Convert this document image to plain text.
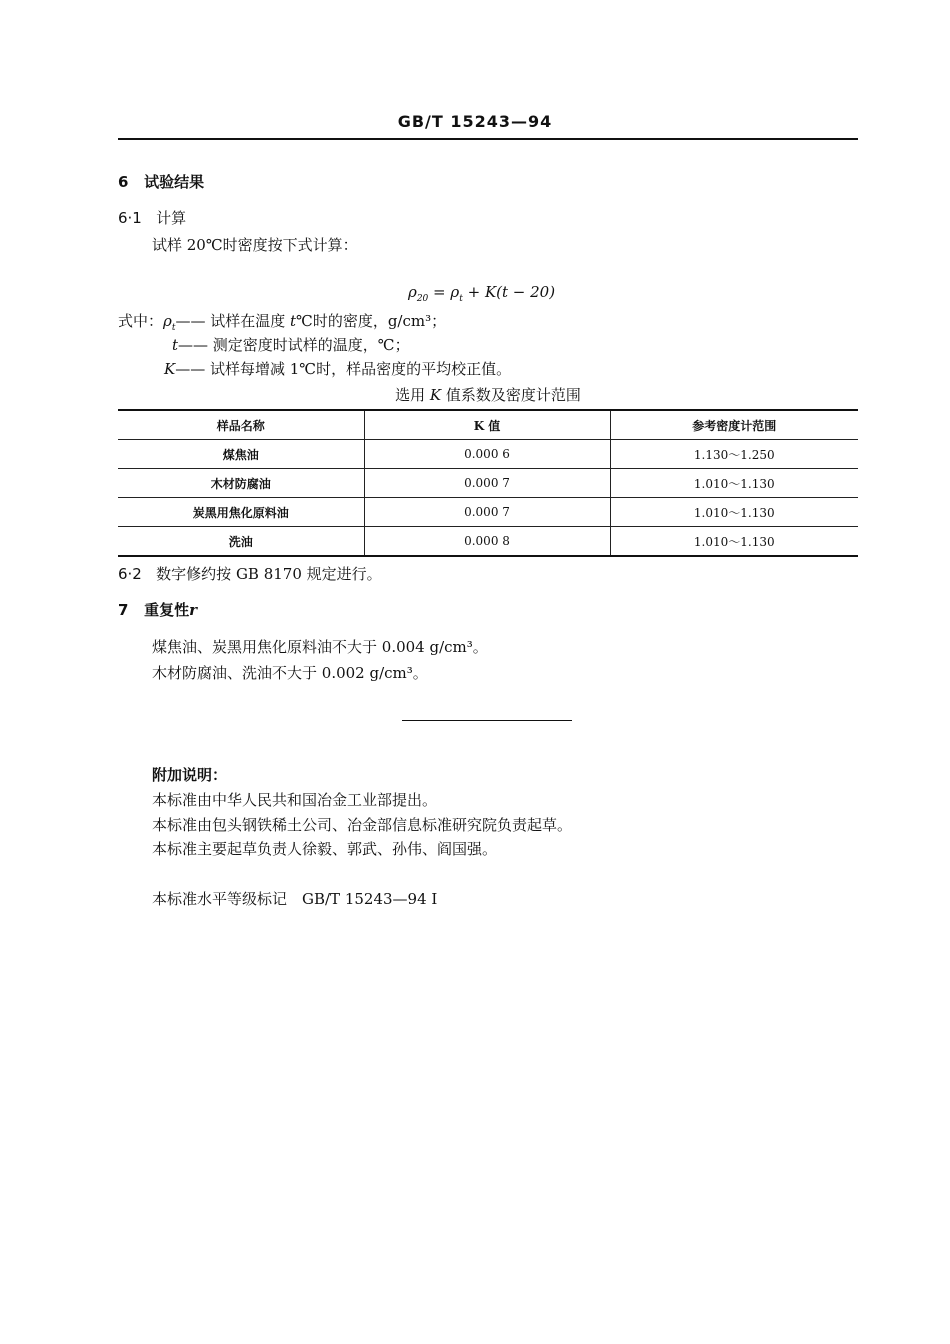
GB/T 15243—94
6 试验结果
6·1 计算
试样 20℃时密度按下式计算：
$\rho_{20} = \rho_t + K(t - 20)$
式中：$\rho_t——$ 试样在温度 t℃时的密度，g/cm³；
t—— 测定密度时试样的温度，℃；
K—— 试样每增减 1℃时，样品密度的平均校正值。
选用 K 值系数及密度计范围
样品名称	K 值	参考密度计范围
煤焦油	0.000 6	1.130～1.250
木材防腐油	0.000 7	1.010～1.130
炭黑用焦化原料油	0.000 7	1.010～1.130
洗油	0.000 8	1.010～1.130
6·2 数字修约按 GB 8170 规定进行。
7 重复性r
煤焦油、炭黑用焦化原料油不大于 0.004 g/cm³。
木材防腐油、洗油不大于 0.002 g/cm³。
附加说明：
本标准由中华人民共和国冶金工业部提出。
本标准由包头钢铁稀土公司、冶金部信息标准研究院负责起草。
本标准主要起草负责人徐毅、郭武、孙伟、阎国强。
本标准水平等级标记　GB/T 15243—94 I
